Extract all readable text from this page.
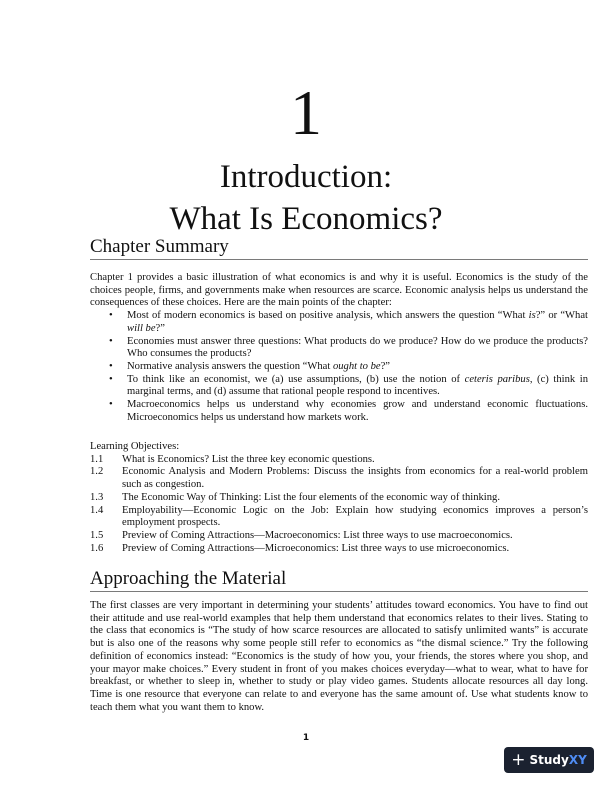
1
Introduction:
What Is Economics?
Chapter Summary

Chapter 1 provides a basic illustration of what economics is and why it is useful. Economics is the study of the choices people, firms, and governments make when resources are scarce. Economic analysis helps us understand the consequences of these choices. Here are the main points of the chapter:

• Most of modern economics is based on positive analysis, which answers the question “What is?” or “What will be?”
• Economies must answer three questions: What products do we produce? How do we produce the products? Who consumes the products?
• Normative analysis answers the question “What ought to be?”
• To think like an economist, we (a) use assumptions, (b) use the notion of ceteris paribus, (c) think in marginal terms, and (d) assume that rational people respond to incentives.
• Macroeconomics helps us understand why economies grow and understand economic fluctuations. Microeconomics helps us understand how markets work.

Learning Objectives:

1.1	What is Economics? List the three key economic questions.
1.2	Economic Analysis and Modern Problems: Discuss the insights from economics for a real-world problem such as congestion.
1.3	The Economic Way of Thinking: List the four elements of the economic way of thinking.
1.4	Employability—Economic Logic on the Job: Explain how studying economics improves a person’s employment prospects.
1.5	Preview of Coming Attractions—Macroeconomics: List three ways to use macroeconomics.
1.6	Preview of Coming Attractions—Microeconomics: List three ways to use microeconomics.
Approaching the Material

The first classes are very important in determining your students’ attitudes toward economics. You have to find out their attitude and use real-world examples that help them understand that economics relates to their lives. Stating to the class that economics is “The study of how scarce resources are allocated to satisfy unlimited wants” is accurate but is also one of the reasons why some people still refer to economics as “the dismal science.” Try the following definition of economics instead: “Economics is the study of how you, your friends, the stores where you shop, and your mayor make choices.” Every student in front of you makes choices everyday—what to wear, what to have for breakfast, or whether to sleep in, whether to study or play video games. Students allocate resources all day long. Time is one resource that everyone can relate to and everyone has the same amount of. Use what students know to teach them what you want them to know.

1
+ StudyXY
